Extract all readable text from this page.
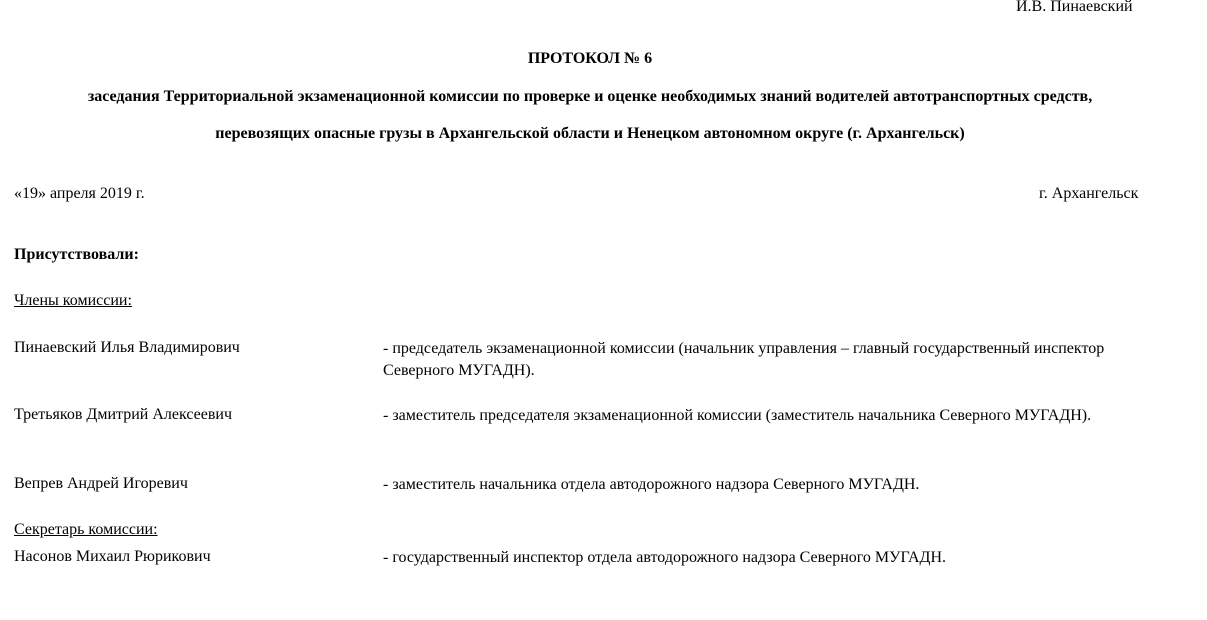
И.В. Пинаевский
ПРОТОКОЛ № 6
заседания Территориальной экзаменационной комиссии по проверке и оценке необходимых знаний водителей автотранспортных средств,
перевозящих опасные грузы в Архангельской области и Ненецком автономном округе (г. Архангельск)
«19» апреля 2019 г.	г. Архангельск
Присутствовали:
Члены комиссии:
Пинаевский Илья Владимирович	- председатель экзаменационной комиссии (начальник управления – главный государственный инспектор Северного МУГАДН).
Третьяков Дмитрий Алексеевич	- заместитель председателя экзаменационной комиссии (заместитель начальника Северного МУГАДН).
Вепрев Андрей Игоревич	- заместитель начальника отдела автодорожного надзора Северного МУГАДН.
Секретарь комиссии:
Насонов Михаил Рюрикович	- государственный инспектор отдела автодорожного надзора Северного МУГАДН.
